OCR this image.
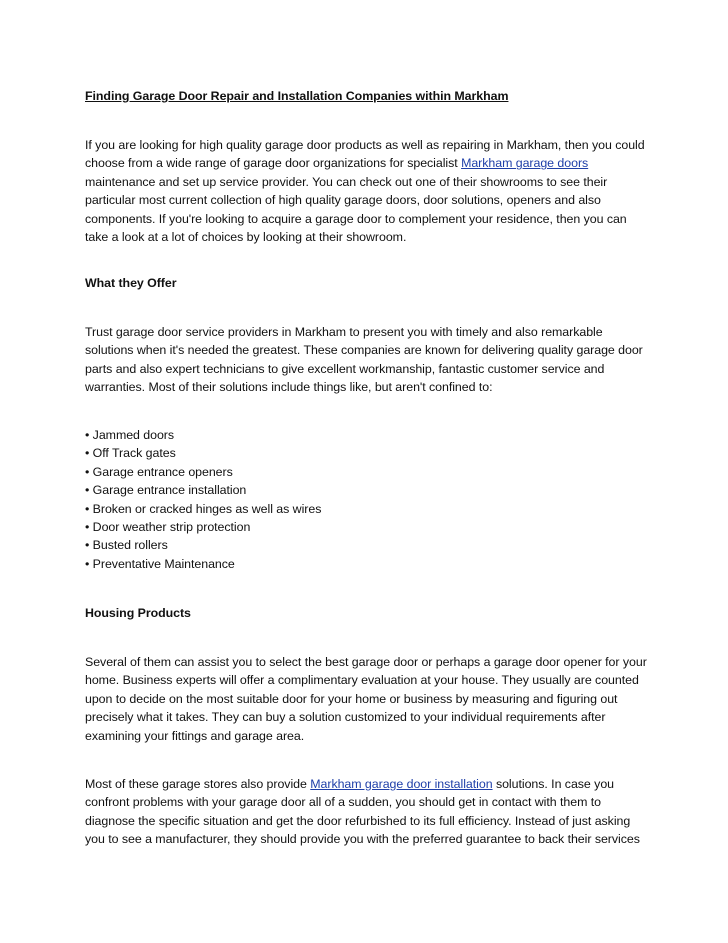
Finding Garage Door Repair and Installation Companies within Markham
If you are looking for high quality garage door products as well as repairing in Markham, then you could
choose from a wide range of garage door organizations for specialist Markham garage doors
maintenance and set up service provider. You can check out one of their showrooms to see their
particular most current collection of high quality garage doors, door solutions, openers and also
components. If you're looking to acquire a garage door to complement your residence, then you can
take a look at a lot of choices by looking at their showroom.
What they Offer
Trust garage door service providers in Markham to present you with timely and also remarkable
solutions when it's needed the greatest. These companies are known for delivering quality garage door
parts and also expert technicians to give excellent workmanship, fantastic customer service and
warranties. Most of their solutions include things like, but aren't confined to:
• Jammed doors
• Off Track gates
• Garage entrance openers
• Garage entrance installation
• Broken or cracked hinges as well as wires
• Door weather strip protection
• Busted rollers
• Preventative Maintenance
Housing Products
Several of them can assist you to select the best garage door or perhaps a garage door opener for your
home. Business experts will offer a complimentary evaluation at your house. They usually are counted
upon to decide on the most suitable door for your home or business by measuring and figuring out
precisely what it takes. They can buy a solution customized to your individual requirements after
examining your fittings and garage area.
Most of these garage stores also provide Markham garage door installation solutions. In case you
confront problems with your garage door all of a sudden, you should get in contact with them to
diagnose the specific situation and get the door refurbished to its full efficiency. Instead of just asking
you to see a manufacturer, they should provide you with the preferred guarantee to back their services
